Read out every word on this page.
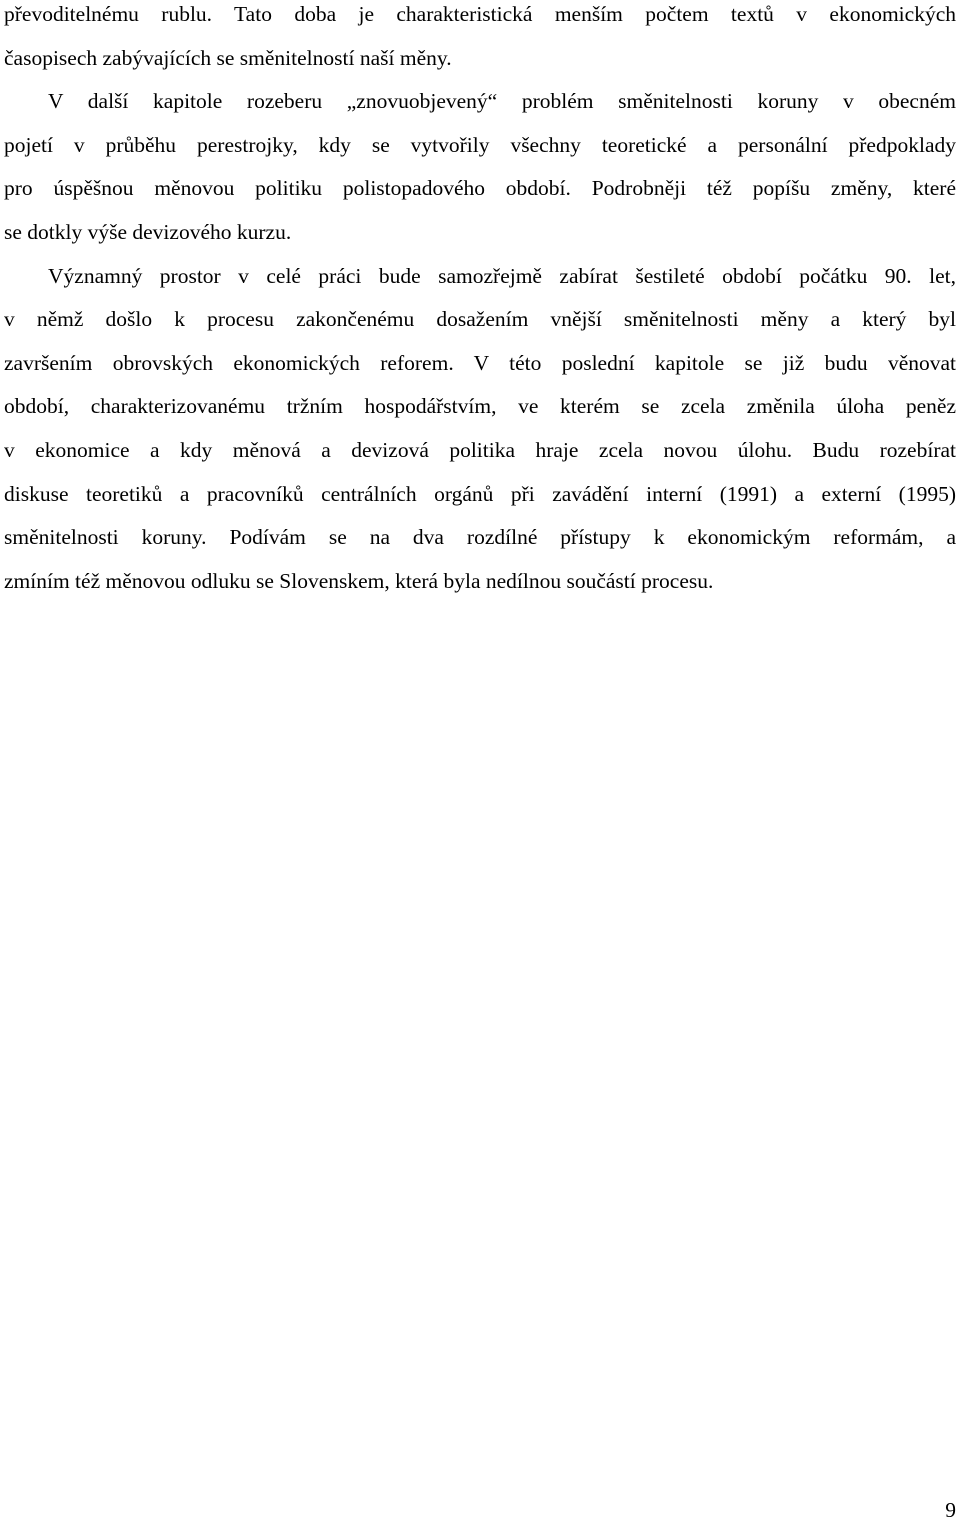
převoditelnému rublu. Tato doba je charakteristická menším počtem textů v ekonomických
časopisech zabývajících se směnitelností naší měny.
V další kapitole rozeberu „znovuobjevený“ problém směnitelnosti koruny v obecném
pojetí v průběhu perestrojky, kdy se vytvořily všechny teoretické a personální předpoklady
pro úspěšnou měnovou politiku polistopadového období. Podrobněji též popíšu změny, které
se dotkly výše devizového kurzu.
Významný prostor v celé práci bude samozřejmě zabírat šestileté období počátku 90. let,
v němž došlo k procesu zakončenému dosažením vnější směnitelnosti měny a který byl
završením obrovských ekonomických reforem. V této poslední kapitole se již budu věnovat
období, charakterizovanému tržním hospodářstvím, ve kterém se zcela změnila úloha peněz
v ekonomice a kdy měnová a devizová politika hraje zcela novou úlohu. Budu rozebírat
diskuse teoretiků a pracovníků centrálních orgánů při zavádění interní (1991) a externí (1995)
směnitelnosti koruny. Podívám se na dva rozdílné přístupy k ekonomickým reformám, a
zmíním též měnovou odluku se Slovenskem, která byla nedílnou součástí procesu.
9
